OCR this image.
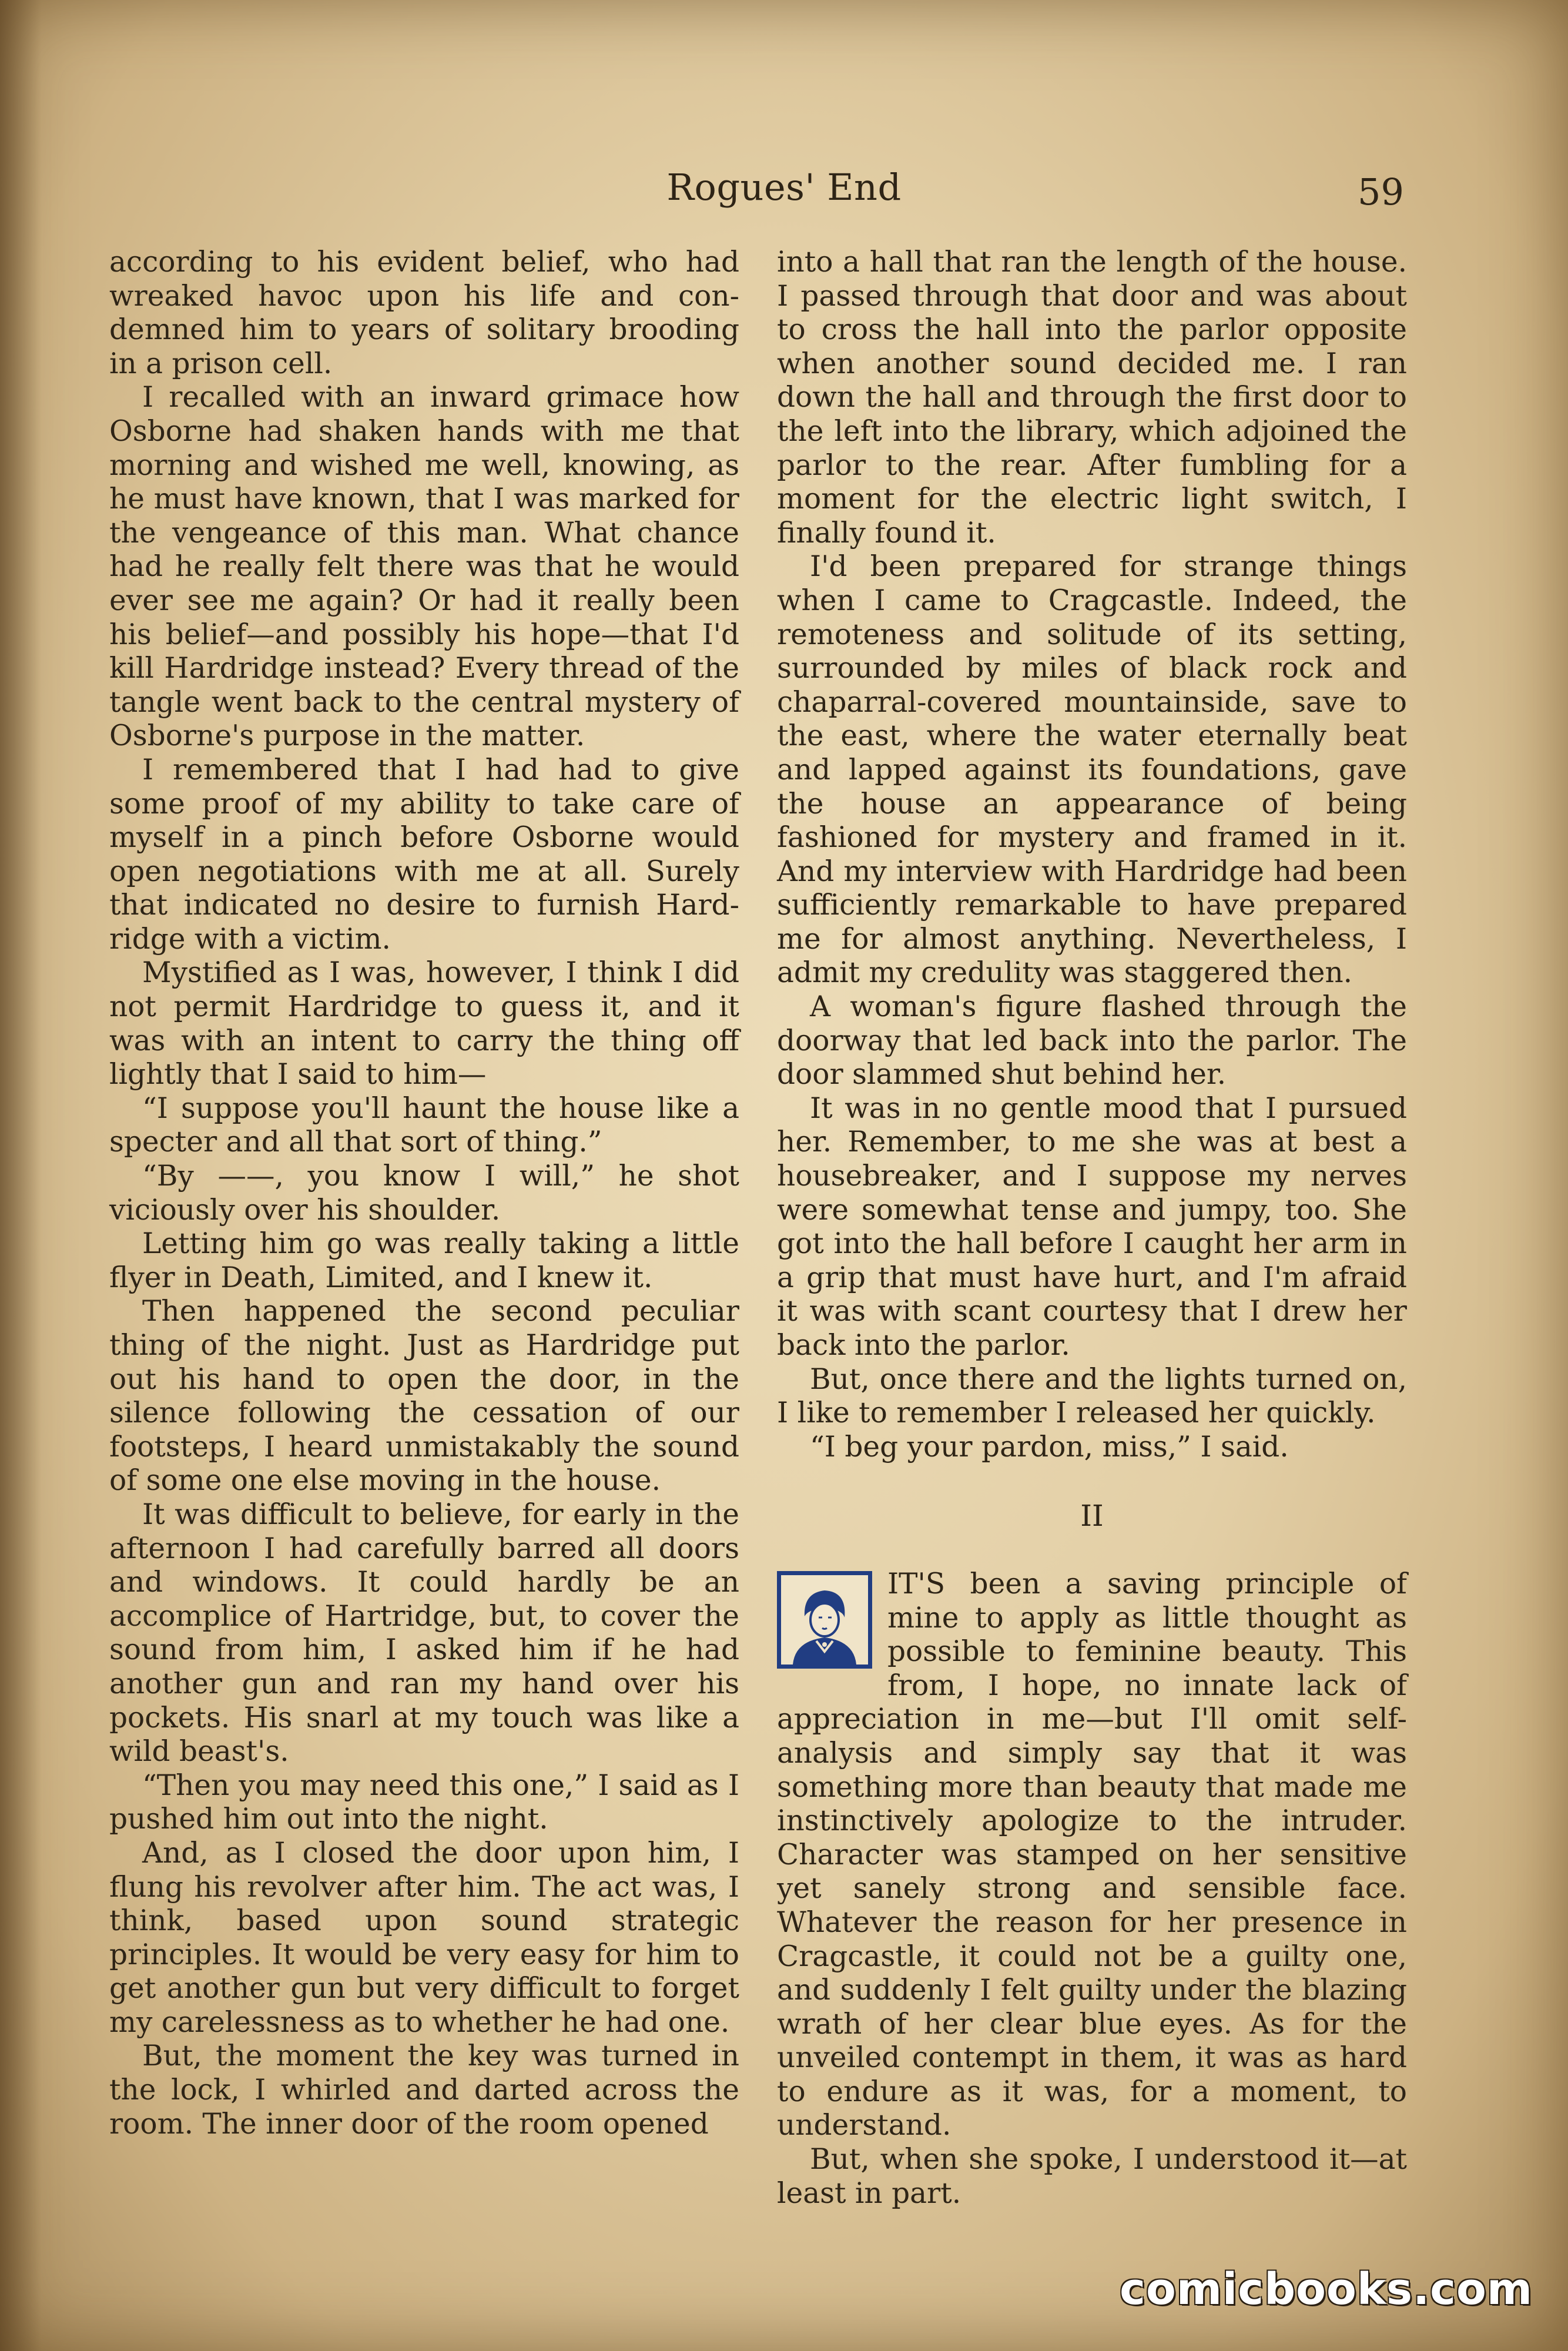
Rogues' End	59

according to his evident belief, who had wreaked havoc upon his life and condemned him to years of solitary brooding in a prison cell.

I recalled with an inward grimace how Osborne had shaken hands with me that morning and wished me well, knowing, as he must have known, that I was marked for the vengeance of this man. What chance had he really felt there was that he would ever see me again? Or had it really been his belief—and possibly his hope—that I'd kill Hardridge instead? Every thread of the tangle went back to the central mystery of Osborne's purpose in the matter.

I remembered that I had had to give some proof of my ability to take care of myself in a pinch before Osborne would open negotiations with me at all. Surely that indicated no desire to furnish Hardridge with a victim.

Mystified as I was, however, I think I did not permit Hardridge to guess it, and it was with an intent to carry the thing off lightly that I said to him—

“I suppose you'll haunt the house like a specter and all that sort of thing.”

“By ——, you know I will,” he shot viciously over his shoulder.

Letting him go was really taking a little flyer in Death, Limited, and I knew it.

Then happened the second peculiar thing of the night. Just as Hardridge put out his hand to open the door, in the silence following the cessation of our footsteps, I heard unmistakably the sound of some one else moving in the house.

It was difficult to believe, for early in the afternoon I had carefully barred all doors and windows. It could hardly be an accomplice of Hartridge, but, to cover the sound from him, I asked him if he had another gun and ran my hand over his pockets. His snarl at my touch was like a wild beast's.

“Then you may need this one,” I said as I pushed him out into the night.

And, as I closed the door upon him, I flung his revolver after him. The act was, I think, based upon sound strategic principles. It would be very easy for him to get another gun but very difficult to forget my carelessness as to whether he had one.

But, the moment the key was turned in the lock, I whirled and darted across the room. The inner door of the room opened

into a hall that ran the length of the house. I passed through that door and was about to cross the hall into the parlor opposite when another sound decided me. I ran down the hall and through the first door to the left into the library, which adjoined the parlor to the rear. After fumbling for a moment for the electric light switch, I finally found it.

I'd been prepared for strange things when I came to Cragcastle. Indeed, the remoteness and solitude of its setting, surrounded by miles of black rock and chaparral-covered mountainside, save to the east, where the water eternally beat and lapped against its foundations, gave the house an appearance of being fashioned for mystery and framed in it. And my interview with Hardridge had been sufficiently remarkable to have prepared me for almost anything. Nevertheless, I admit my credulity was staggered then.

A woman's figure flashed through the doorway that led back into the parlor. The door slammed shut behind her.

It was in no gentle mood that I pursued her. Remember, to me she was at best a housebreaker, and I suppose my nerves were somewhat tense and jumpy, too. She got into the hall before I caught her arm in a grip that must have hurt, and I'm afraid it was with scant courtesy that I drew her back into the parlor.

But, once there and the lights turned on, I like to remember I released her quickly.

“I beg your pardon, miss,” I said.

II

IT'S been a saving principle of mine to apply as little thought as possible to feminine beauty. This from, I hope, no innate lack of appreciation in me—but I'll omit self-analysis and simply say that it was something more than beauty that made me instinctively apologize to the intruder. Character was stamped on her sensitive yet sanely strong and sensible face. Whatever the reason for her presence in Cragcastle, it could not be a guilty one, and suddenly I felt guilty under the blazing wrath of her clear blue eyes. As for the unveiled contempt in them, it was as hard to endure as it was, for a moment, to understand.

But, when she spoke, I understood it—at least in part.

comicbooks.com
